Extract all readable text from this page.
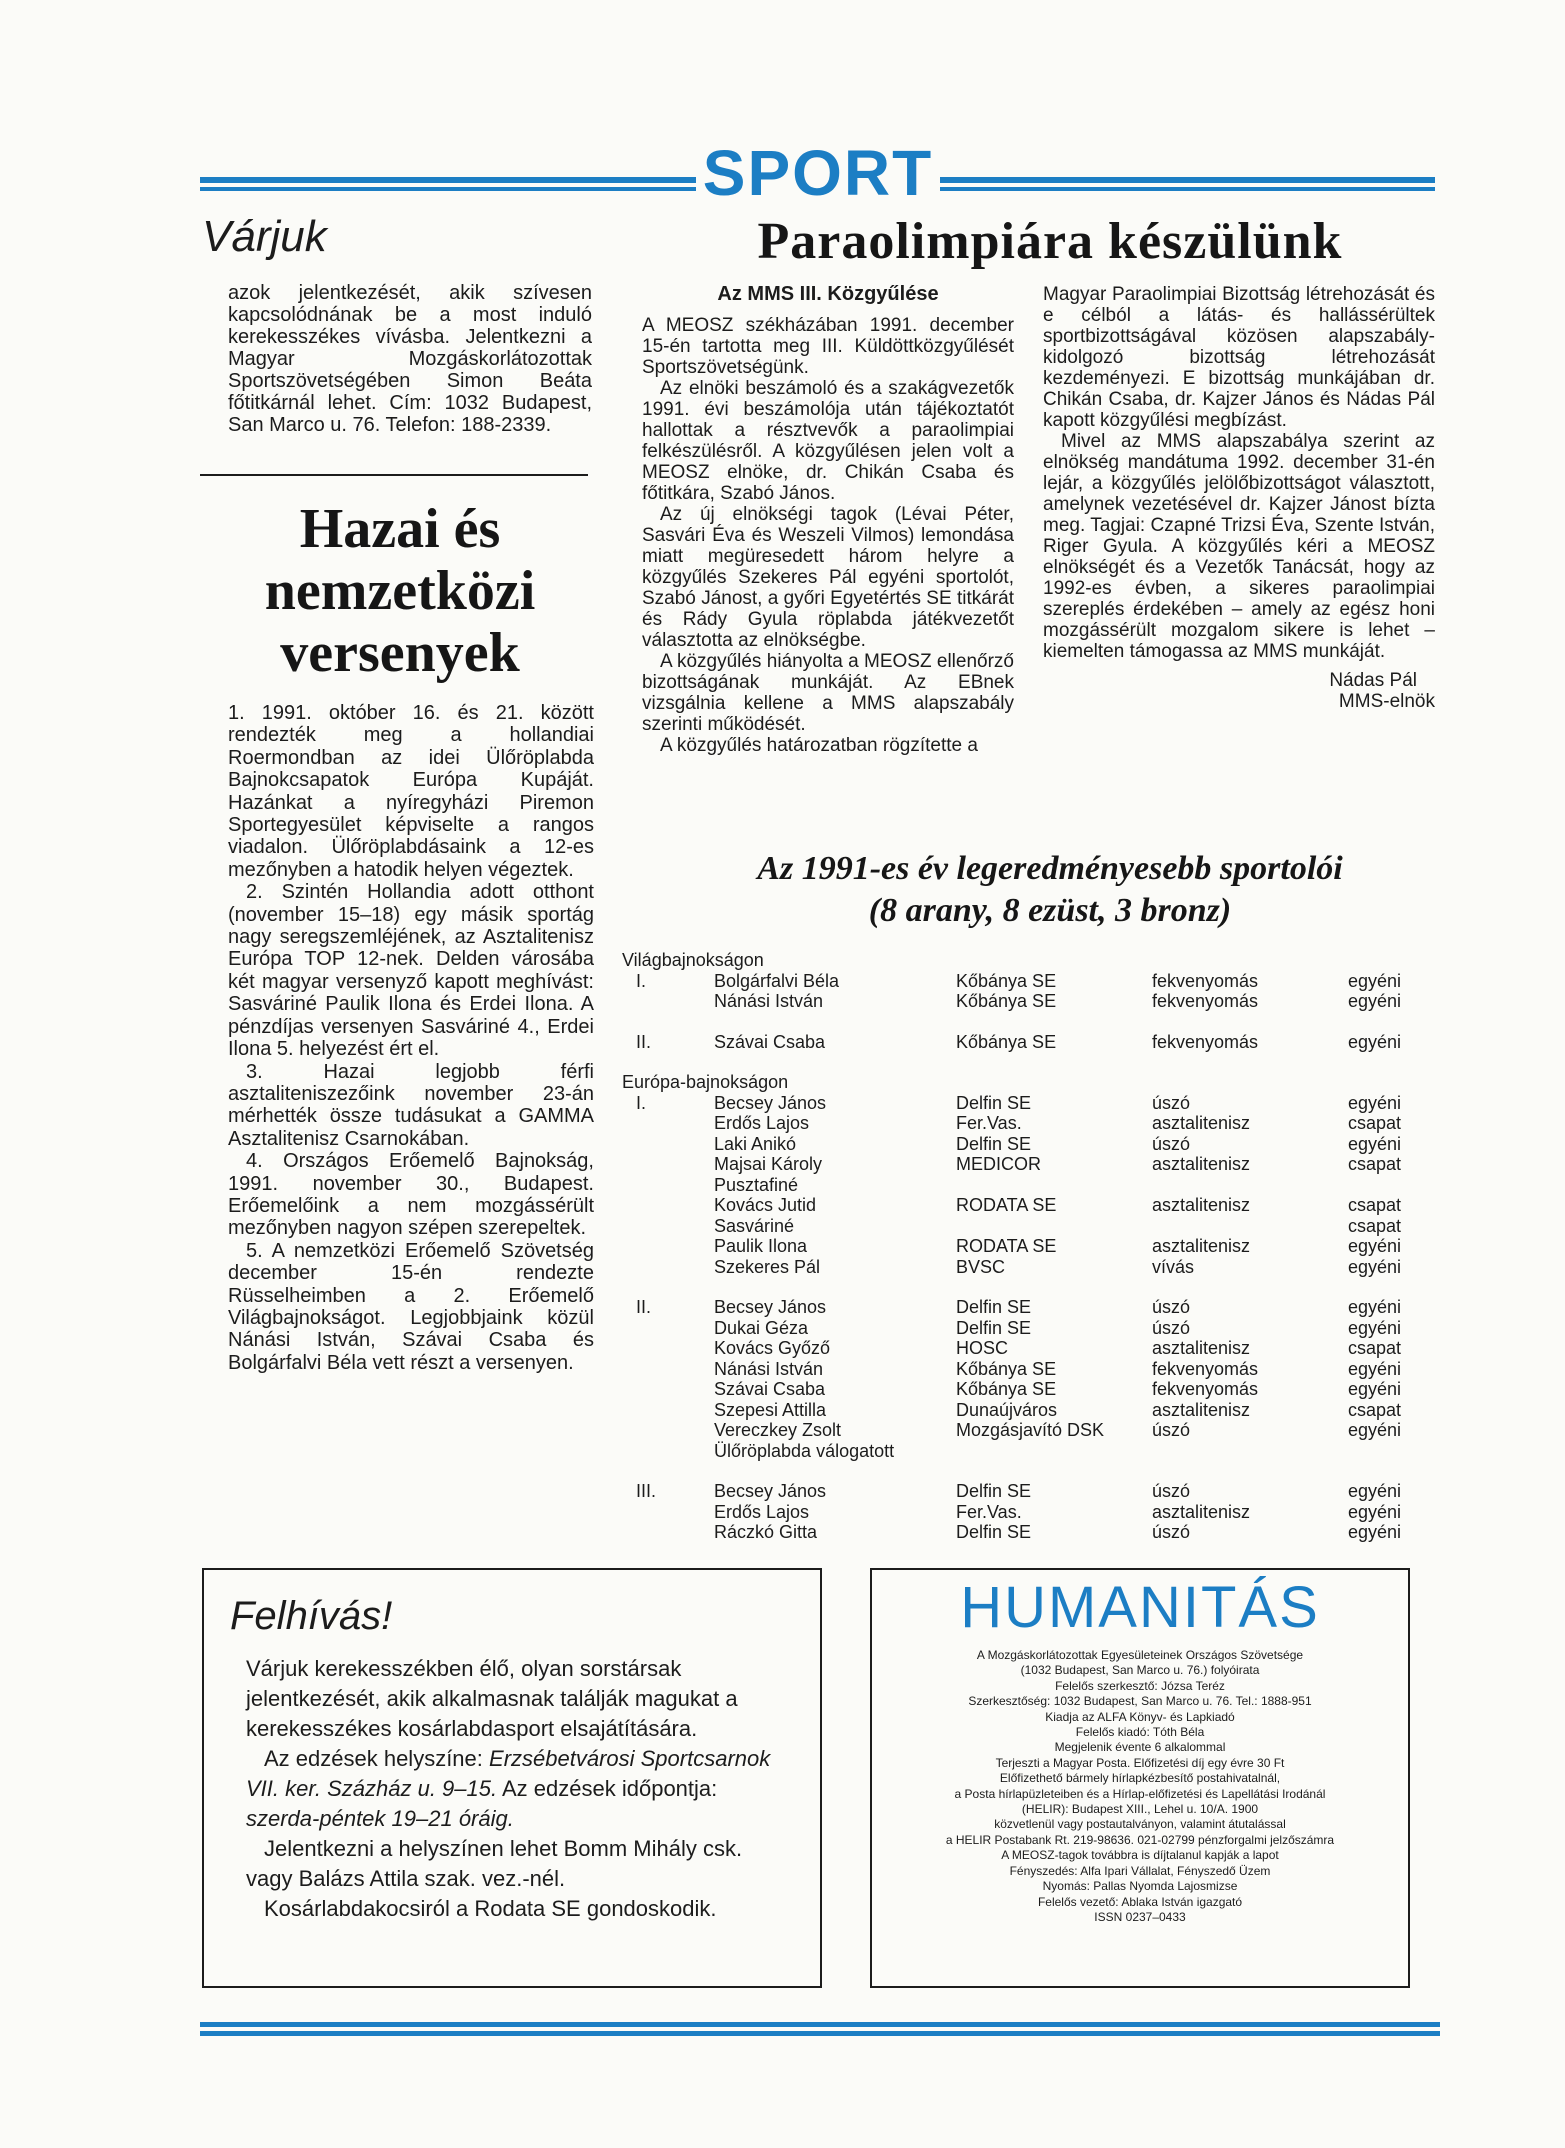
SPORT
Várjuk
azok jelentkezését, akik szívesen kapcsolódnának be a most induló kerekesszékes vívásba. Jelentkezni a Magyar Mozgáskorlátozottak Sportszövetségében Simon Beáta főtitkárnál lehet. Cím: 1032 Budapest, San Marco u. 76. Telefon: 188-2339.
Hazai és
nemzetközi
versenyek

1. 1991. október 16. és 21. között rendezték meg a hollandiai Roermondban az idei Ülőröplabda Bajnokcsapatok Európa Kupáját. Hazánkat a nyíregyházi Piremon Sportegyesület képviselte a rangos viadalon. Ülőröplabdásaink a 12-es mezőnyben a hatodik helyen végeztek.

2. Szintén Hollandia adott otthont (november 15–18) egy másik sportág nagy seregszemléjének, az Asztalitenisz Európa TOP 12-nek. Delden városába két magyar versenyző kapott meghívást: Sasváriné Paulik Ilona és Erdei Ilona. A pénzdíjas versenyen Sasváriné 4., Erdei Ilona 5. helyezést ért el.

3. Hazai legjobb férfi asztaliteniszezőink november 23-án mérhették össze tudásukat a GAMMA Asztalitenisz Csarnokában.

4. Országos Erőemelő Bajnokság, 1991. november 30., Budapest. Erőemelőink a nem mozgássérült mezőnyben nagyon szépen szerepeltek.

5. A nemzetközi Erőemelő Szövetség december 15-én rendezte Rüsselheimben a 2. Erőemelő Világbajnokságot. Legjobbjaink közül Nánási István, Szávai Csaba és Bolgárfalvi Béla vett részt a versenyen.

Paraolimpiára készülünk
Az MMS III. Közgyűlése

A MEOSZ székházában 1991. december 15-én tartotta meg III. Küldöttközgyűlését Sportszövetségünk.

Az elnöki beszámoló és a szakágvezetők 1991. évi beszámolója után tájékoztatót hallottak a résztvevők a paraolimpiai felkészülésről. A közgyűlésen jelen volt a MEOSZ elnöke, dr. Chikán Csaba és főtitkára, Szabó János.

Az új elnökségi tagok (Lévai Péter, Sasvári Éva és Weszeli Vilmos) lemondása miatt megüresedett három helyre a közgyűlés Szekeres Pál egyéni sportolót, Szabó Jánost, a győri Egyetértés SE titkárát és Rády Gyula röplabda játékvezetőt választotta az elnökségbe.

A közgyűlés hiányolta a MEOSZ ellenőrző bizottságának munkáját. Az EBnek vizsgálnia kellene a MMS alapszabály szerinti működését.

A közgyűlés határozatban rögzítette a

Magyar Paraolimpiai Bizottság létrehozását és e célból a látás- és hallássérültek sportbizottságával közösen alapszabály-kidolgozó bizottság létrehozását kezdeményezi. E bizottság munkájában dr. Chikán Csaba, dr. Kajzer János és Nádas Pál kapott közgyűlési megbízást.

Mivel az MMS alapszabálya szerint az elnökség mandátuma 1992. december 31-én lejár, a közgyűlés jelölőbizottságot választott, amelynek vezetésével dr. Kajzer Jánost bízta meg. Tagjai: Czapné Trizsi Éva, Szente István, Riger Gyula. A közgyűlés kéri a MEOSZ elnökségét és a Vezetők Tanácsát, hogy az 1992-es évben, a sikeres paraolimpiai szereplés érdekében – amely az egész honi mozgássérült mozgalom sikere is lehet – kiemelten támogassa az MMS munkáját.

Nádas Pál
MMS-elnök
Az 1991-es év legeredményesebb sportolói
(8 arany, 8 ezüst, 3 bronz)
Világbajnokságon
I.	Bolgárfalvi Béla	Kőbánya SE	fekvenyomás	egyéni
Nánási István	Kőbánya SE	fekvenyomás	egyéni
II.	Szávai Csaba	Kőbánya SE	fekvenyomás	egyéni
Európa-bajnokságon
I.	Becsey János	Delfin SE	úszó	egyéni
Erdős Lajos	Fer.Vas.	asztalitenisz	csapat
Laki Anikó	Delfin SE	úszó	egyéni
Majsai Károly	MEDICOR	asztalitenisz	csapat
Pusztafiné
Kovács Jutid	RODATA SE	asztalitenisz	csapat
Sasváriné	csapat
Paulik Ilona	RODATA SE	asztalitenisz	egyéni
Szekeres Pál	BVSC	vívás	egyéni
II.	Becsey János	Delfin SE	úszó	egyéni
Dukai Géza	Delfin SE	úszó	egyéni
Kovács Győző	HOSC	asztalitenisz	csapat
Nánási István	Kőbánya SE	fekvenyomás	egyéni
Szávai Csaba	Kőbánya SE	fekvenyomás	egyéni
Szepesi Attilla	Dunaújváros	asztalitenisz	csapat
Vereczkey Zsolt	Mozgásjavító DSK	úszó	egyéni
Ülőröplabda válogatott
III.	Becsey János	Delfin SE	úszó	egyéni
Erdős Lajos	Fer.Vas.	asztalitenisz	egyéni
Ráczkó Gitta	Delfin SE	úszó	egyéni
Felhívás!

Várjuk kerekesszékben élő, olyan sorstársak jelentkezését, akik alkalmasnak találják magukat a kerekesszékes kosárlabdasport elsajátítására.

Az edzések helyszíne: Erzsébetvárosi Sportcsarnok VII. ker. Százház u. 9–15. Az edzések időpontja: szerda-péntek 19–21 óráig.

Jelentkezni a helyszínen lehet Bomm Mihály csk. vagy Balázs Attila szak. vez.-nél.

Kosárlabdakocsiról a Rodata SE gondoskodik.

HUMANITÁS
A Mozgáskorlátozottak Egyesületeinek Országos Szövetsége
(1032 Budapest, San Marco u. 76.) folyóirata
Felelős szerkesztő: Józsa Teréz
Szerkesztőség: 1032 Budapest, San Marco u. 76. Tel.: 1888-951
Kiadja az ALFA Könyv- és Lapkiadó
Felelős kiadó: Tóth Béla
Megjelenik évente 6 alkalommal
Terjeszti a Magyar Posta. Előfizetési díj egy évre 30 Ft
Előfizethető bármely hírlapkézbesítő postahivatalnál,
a Posta hírlapüzleteiben és a Hírlap-előfizetési és Lapellátási Irodánál
(HELIR): Budapest XIII., Lehel u. 10/A. 1900
közvetlenül vagy postautalványon, valamint átutalással
a HELIR Postabank Rt. 219-98636. 021-02799 pénzforgalmi jelzőszámra
A MEOSZ-tagok továbbra is díjtalanul kapják a lapot
Fényszedés: Alfa Ipari Vállalat, Fényszedő Üzem
Nyomás: Pallas Nyomda Lajosmizse
Felelős vezető: Ablaka István igazgató
ISSN 0237–0433
